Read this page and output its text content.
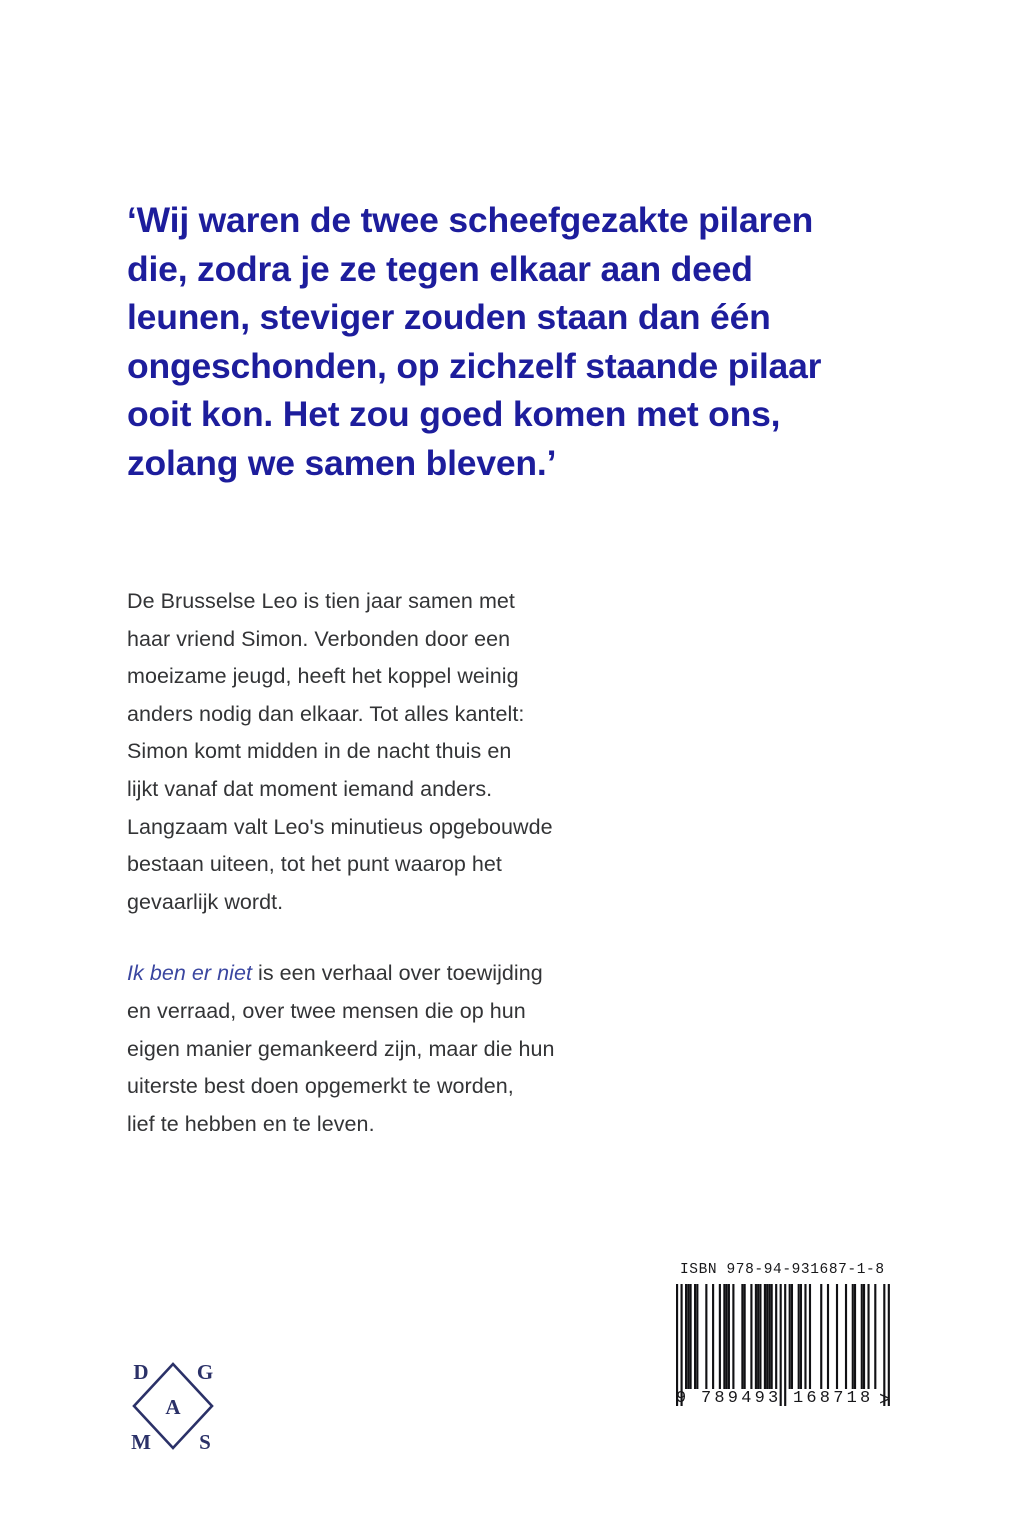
‘Wij waren de twee scheefgezakte pilaren
die, zodra je ze tegen elkaar aan deed
leunen, steviger zouden staan dan één
ongeschonden, op zichzelf staande pilaar
ooit kon. Het zou goed komen met ons,
zolang we samen bleven.’
De Brusselse Leo is tien jaar samen met
haar vriend Simon. Verbonden door een
moeizame jeugd, heeft het koppel weinig
anders nodig dan elkaar. Tot alles kantelt:
Simon komt midden in de nacht thuis en
lijkt vanaf dat moment iemand anders.
Langzaam valt Leo's minutieus opgebouwde
bestaan uiteen, tot het punt waarop het
gevaarlijk wordt.
Ik ben er niet is een verhaal over toewijding
en verraad, over twee mensen die op hun
eigen manier gemankeerd zijn, maar die hun
uiterste best doen opgemerkt te worden,
lief te hebben en te leven.
D G
A
M S
ISBN 978-94-931687-1-8
9 789493 168718 >
